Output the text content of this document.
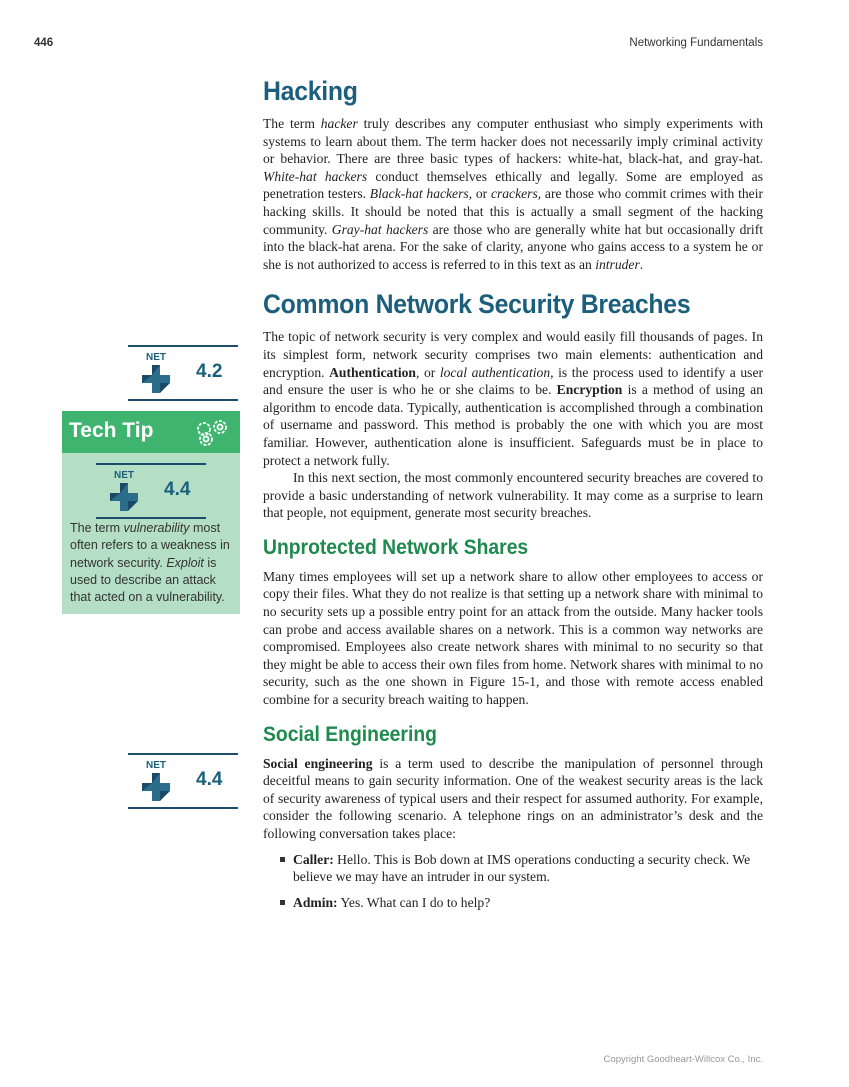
446	Networking Fundamentals
Hacking

The term hacker truly describes any computer enthusiast who simply experiments with systems to learn about them. The term hacker does not necessarily imply criminal activity or behavior. There are three basic types of hackers: white-hat, black-hat, and gray-hat. White-hat hackers conduct themselves ethically and legally. Some are employed as penetration testers. Black-hat hackers, or crackers, are those who commit crimes with their hacking skills. It should be noted that this is actually a small segment of the hacking community. Gray-hat hackers are those who are generally white hat but occasionally drift into the black-hat arena. For the sake of clarity, anyone who gains access to a system he or she is not authorized to access is referred to in this text as an intruder.

Common Network Security Breaches

The topic of network security is very complex and would easily fill thousands of pages. In its simplest form, network security comprises two main elements: authentication and encryption. Authentication, or local authentication, is the process used to identify a user and ensure the user is who he or she claims to be. Encryption is a method of using an algorithm to encode data. Typically, authentication is accomplished through a combination of username and password. This method is probably the one with which you are most familiar. However, authentication alone is insufficient. Safeguards must be in place to protect a network fully.

In this next section, the most commonly encountered security breaches are covered to provide a basic understanding of network vulnerability. It may come as a surprise to learn that people, not equipment, generate most security breaches.

Unprotected Network Shares

Many times employees will set up a network share to allow other employees to access or copy their files. What they do not realize is that setting up a network share with minimal to no security sets up a possible entry point for an attack from the outside. Many hacker tools can probe and access available shares on a network. This is a common way networks are compromised. Employees also create network shares with minimal to no security so that they might be able to access their own files from home. Network shares with minimal to no security, such as the one shown in Figure 15-1, and those with remote access enabled combine for a security breach waiting to happen.

Social Engineering

Social engineering is a term used to describe the manipulation of personnel through deceitful means to gain security information. One of the weakest security areas is the lack of security awareness of typical users and their respect for assumed authority. For example, consider the following scenario. A telephone rings on an administrator’s desk and the following conversation takes place:

Caller: Hello. This is Bob down at IMS operations conducting a security check. We believe we may have an intruder in our system.
Admin: Yes. What can I do to help?
NET
4.2
Tech Tip
NET
4.4
The term vulnerability most often refers to a weakness in network security. Exploit is used to describe an attack that acted on a vulnerability.
NET
4.4
Copyright Goodheart-Willcox Co., Inc.
